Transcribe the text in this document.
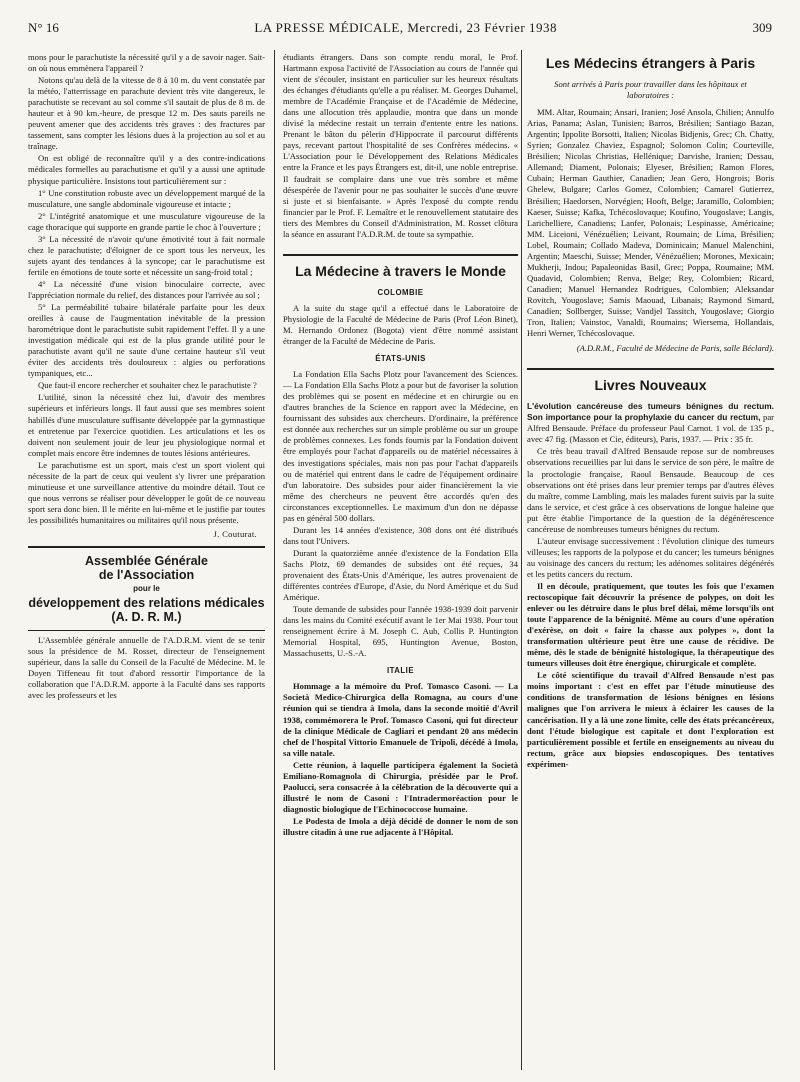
N° 16	LA PRESSE MÉDICALE, Mercredi, 23 Février 1938	309

mons pour le parachutiste la nécessité qu'il y a de savoir nager. Sait-on où nous emmènera l'appareil ?

Notons qu'au delà de la vitesse de 8 à 10 m. du vent constatée par la météo, l'atterrissage en parachute devient très vite dangereux, le parachutiste se recevant au sol comme s'il sautait de plus de 8 m. de hauteur et à 90 km.-heure, de presque 12 m. Des sauts pareils ne peuvent amener que des accidents très graves : des fractures par tassement, sans compter les lésions dues à la projection au sol et au traînage.

On est obligé de reconnaître qu'il y a des contre-indications médicales formelles au parachutisme et qu'il y a aussi une aptitude physique particulière. Insistons tout particulièrement sur :

1° Une constitution robuste avec un développement marqué de la musculature, une sangle abdominale vigoureuse et intacte ;

2° L'intégrité anatomique et une musculature vigoureuse de la cage thoracique qui supporte en grande partie le choc à l'ouverture ;

3° La nécessité de n'avoir qu'une émotivité tout à fait normale chez le parachutiste; d'éloigner de ce sport tous les nerveux, les sujets ayant des tendances à la syncope; car le parachutisme est fertile en émotions de toute sorte et nécessite un sang-froid total ;

4° La nécessité d'une vision binoculaire correcte, avec l'appréciation normale du relief, des distances pour l'arrivée au sol ;

5° La perméabilité tubaire bilatérale parfaite pour les deux oreilles à cause de l'augmentation inévitable de la pression barométrique dont le parachutiste subit rapidement l'effet. Il y a une investigation médicale qui est de la plus grande utilité pour le parachutiste avant qu'il ne saute d'une certaine hauteur s'il veut éviter des accidents très douloureux : algies ou perforations tympaniques, etc...

Que faut-il encore rechercher et souhaiter chez le parachutiste ?

L'utilité, sinon la nécessité chez lui, d'avoir des membres supérieurs et inférieurs longs. Il faut aussi que ses membres soient habillés d'une musculature suffisante développée par la gymnastique et entretenue par l'exercice quotidien. Les articulations et les os doivent non seulement jouir de leur jeu physiologique normal et complet mais encore être indemnes de toutes lésions antérieures.

Le parachutisme est un sport, mais c'est un sport violent qui nécessite de la part de ceux qui veulent s'y livrer une préparation minutieuse et une surveillance attentive du moindre détail. Tout ce que nous verrons se réaliser pour développer le goût de ce nouveau sport sera donc bien. Il le mérite en lui-même et le justifie par toutes les possibilités humanitaires ou militaires qu'il nous présente.

J. Couturat.
Assemblée Générale
de l'Association
pour le
développement des relations médicales
(A. D. R. M.)

L'Assemblée générale annuelle de l'A.D.R.M. vient de se tenir sous la présidence de M. Rosset, directeur de l'enseignement supérieur, dans la salle du Conseil de la Faculté de Médecine. M. le Doyen Tiffeneau fit tout d'abord ressortir l'importance de la collaboration que l'A.D.R.M. apporte à la Faculté dans ses rapports avec les professeurs et les

étudiants étrangers. Dans son compte rendu moral, le Prof. Hartmann exposa l'activité de l'Association au cours de l'année qui vient de s'écouler, insistant en particulier sur les heureux résultats des échanges d'étudiants qu'elle a pu réaliser. M. Georges Duhamel, membre de l'Académie Française et de l'Académie de Médecine, dans une allocution très applaudie, montra que dans un monde divisé la médecine restait un terrain d'entente entre les nations. Prenant le bâton du pèlerin d'Hippocrate il parcourut différents pays, recevant partout l'hospitalité de ses Confrères médecins. « L'Association pour le Développement des Relations Médicales entre la France et les pays Étrangers est, dit-il, une noble entreprise. Il faudrait se complaire dans une vue très sombre et même désespérée de l'avenir pour ne pas souhaiter le succès d'une œuvre si juste et si bienfaisante. » Après l'exposé du compte rendu financier par le Prof. F. Lemaître et le renouvellement statutaire des tiers des Membres du Conseil d'Administration, M. Rosset clôtura la séance en assurant l'A.D.R.M. de toute sa sympathie.

La Médecine à travers le Monde
COLOMBIE

A la suite du stage qu'il a effectué dans le Laboratoire de Physiologie de la Faculté de Médecine de Paris (Prof Léon Binet), M. Hernando Ordonez (Bogota) vient d'être nommé assistant étranger de la Faculté de Médecine de Paris.

ÉTATS-UNIS

La Fondation Ella Sachs Plotz pour l'avancement des Sciences. — La Fondation Ella Sachs Plotz a pour but de favoriser la solution des problèmes qui se posent en médecine et en chirurgie ou en d'autres branches de la Science en rapport avec la Médecine, en fournissant des subsides aux chercheurs. D'ordinaire, la préférence est donnée aux recherches sur un simple problème ou sur un groupe de problèmes connexes. Les fonds fournis par la Fondation doivent être employés pour l'achat d'appareils ou de matériel nécessaires à des investigations spéciales, mais non pas pour l'achat d'appareils ou de matériel qui entrent dans le cadre de l'équipement ordinaire d'un laboratoire. Des subsides pour aider financièrement la vie même des chercheurs ne peuvent être accordés qu'en des circonstances exceptionnelles. Le maximum d'un don ne dépasse pas en général 500 dollars.

Durant les 14 années d'existence, 308 dons ont été distribués dans tout l'Univers.

Durant la quatorzième année d'existence de la Fondation Ella Sachs Plotz, 69 demandes de subsides ont été reçues, 34 provenaient des États-Unis d'Amérique, les autres provenaient de différentes contrées d'Europe, d'Asie, du Nord Amérique et du Sud Amérique.

Toute demande de subsides pour l'année 1938-1939 doit parvenir dans les mains du Comité exécutif avant le 1er Mai 1938. Pour tout renseignement écrire à M. Joseph C. Aub, Collis P. Huntington Memorial Hospital, 695, Huntington Avenue, Boston, Massachusetts, U.-S.-A.

ITALIE

Hommage a la mémoire du Prof. Tomasco Casoni. — La Società Medico-Chirurgica della Romagna, au cours d'une réunion qui se tiendra à Imola, dans la seconde moitié d'Avril 1938, commémorera le Prof. Tomasco Casoni, qui fut directeur de la clinique Médicale de Cagliari et pendant 20 ans médecin chef de l'hospital Vittorio Emanuele de Tripoli, décédé à Imola, sa ville natale.

Cette réunion, à laquelle participera également la Società Emiliano-Romagnola di Chirurgia, présidée par le Prof. Paolucci, sera consacrée à la célébration de la découverte qui a illustré le nom de Casoni : l'Intradermoréaction pour le diagnostic biologique de l'Echinococcose humaine.

Le Podesta de Imola a déjà décidé de donner le nom de son illustre citadin à une rue adjacente à l'Hôpital.

Les Médecins étrangers à Paris
Sont arrivés à Paris pour travailler dans les hôpitaux et laboratoires :

MM. Altar, Roumain; Ansari, Iranien; José Ansola, Chilien; Annulfo Arias, Panama; Aslan, Tunisien; Barros, Brésilien; Santiago Bazan, Argentin; Ippolite Borsotti, Italien; Nicolas Bidjenis, Grec; Ch. Chatty, Syrien; Gonzalez Chaviez, Espagnol; Solomon Colin; Courteville, Brésilien; Nicolas Christias, Hellénique; Darvishe, Iranien; Dessau, Allemand; Diament, Polonais; Elyeser, Brésilien; Ramon Flores, Cubain; Herman Gauthier, Canadien; Jean Gero, Hongrois; Boris Ghelew, Bulgare; Carlos Gomez, Colombien; Camarel Gutierrez, Brésilien; Haedorsen, Norvégien; Hooft, Belge; Jaramillo, Colombien; Kaeser, Suisse; Kafka, Tchécoslovaque; Koufino, Yougoslave; Langis, Larichelliere, Canadiens; Lanfer, Polonais; Lespinasse, Américaine; MM. Liceioni, Vénézuélien; Leivant, Roumain; de Lima, Brésilien; Lobel, Roumain; Collado Madeva, Dominicain; Manuel Malenchini, Argentin; Maeschi, Suisse; Mender, Vénézuélien; Morones, Mexicain; Mukherji, Indou; Papaleonidas Basil, Grec; Poppa, Roumaine; MM. Quadavid, Colombien; Renva, Belge; Rey, Colombien; Ricard, Canadien; Manuel Hernandez Rodrigues, Colombien; Aleksandar Rovitch, Yougoslave; Samis Maouad, Libanais; Raymond Simard, Canadien; Sollberger, Suisse; Vandjel Tassitch, Yougoslave; Giorgio Tron, Italien; Vainstoc, Vanaldi, Roumains; Wiersema, Hollandais, Henri Werner, Tchécoslovaque.

(A.D.R.M., Faculté de Médecine de Paris, salle Béclard).
Livres Nouveaux

L'évolution cancéreuse des tumeurs bénignes du rectum. Son importance pour la prophylaxie du cancer du rectum, par Alfred Bensaude. Préface du professeur Paul Carnot. 1 vol. de 135 p., avec 47 fig. (Masson et Cie, éditeurs), Paris, 1937. — Prix : 35 fr.

Ce très beau travail d'Alfred Bensaude repose sur de nombreuses observations recueillies par lui dans le service de son père, le maître de la proctologie française, Raoul Bensaude. Beaucoup de ces observations ont été prises dans leur premier temps par d'autres élèves du maître, comme Lambling, mais les malades furent suivis par la suite dans le service, et c'est grâce à ces observations de longue haleine que put être établie l'importance de la question de la dégénérescence cancéreuse de nombreuses tumeurs bénignes du rectum.

L'auteur envisage successivement : l'évolution clinique des tumeurs villeuses; les rapports de la polypose et du cancer; les tumeurs bénignes au voisinage des cancers du rectum; les adénomes solitaires dégénérés et les petits cancers du rectum.

Il en découle, pratiquement, que toutes les fois que l'examen rectoscopique fait découvrir la présence de polypes, on doit les enlever ou les détruire dans le plus bref délai, même lorsqu'ils ont toute l'apparence de la bénignité. Même au cours d'une opération d'exérèse, on doit « faire la chasse aux polypes », dont la transformation ultérieure peut être une cause de récidive. De même, dès le stade de bénignité histologique, la thérapeutique des tumeurs villeuses doit être énergique, chirurgicale et complète.

Le côté scientifique du travail d'Alfred Bensaude n'est pas moins important : c'est en effet par l'étude minutieuse des conditions de transformation de lésions bénignes en lésions malignes que l'on arrivera le mieux à éclairer les causes de la cancérisation. Il y a là une zone limite, celle des états précancéreux, dont l'étude biologique est capitale et dont l'exploration est particulièrement possible et fertile en enseignements au niveau du rectum, grâce aux biopsies endoscopiques. Des tentatives expérimen-
